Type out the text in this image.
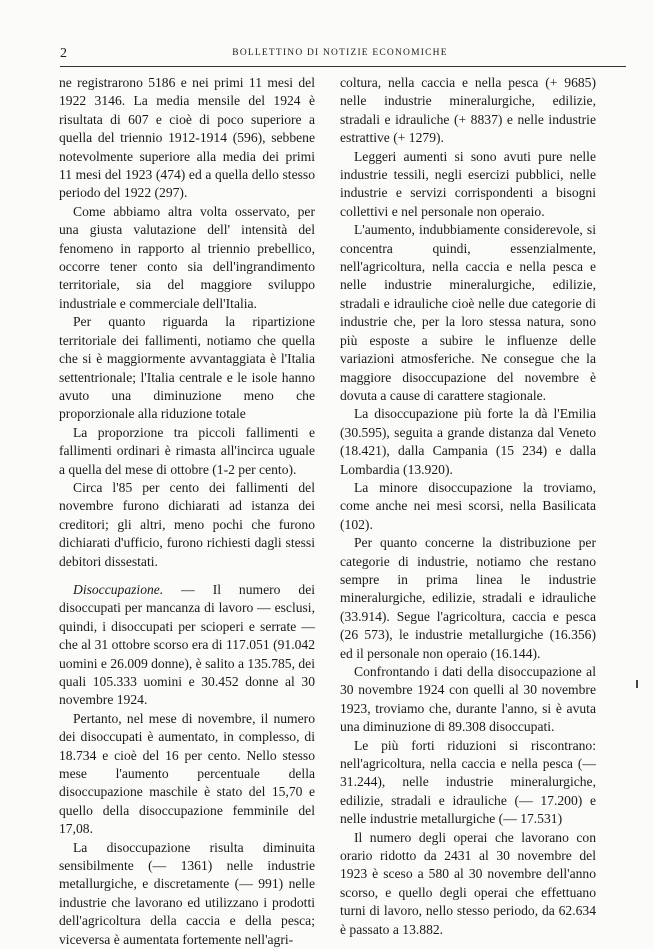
2	BOLLETTINO DI NOTIZIE ECONOMICHE

ne registrarono 5186 e nei primi 11 mesi del 1922 3146. La media mensile del 1924 è risultata di 607 e cioè di poco superiore a quella del triennio 1912-1914 (596), sebbene notevolmente superiore alla media dei primi 11 mesi del 1923 (474) ed a quella dello stesso periodo del 1922 (297).

Come abbiamo altra volta osservato, per una giusta valutazione dell' intensità del fenomeno in rapporto al triennio prebellico, occorre tener conto sia dell'ingrandimento territoriale, sia del maggiore sviluppo industriale e commerciale dell'Italia.

Per quanto riguarda la ripartizione territoriale dei fallimenti, notiamo che quella che si è maggiormente avvantaggiata è l'Italia settentrionale; l'Italia centrale e le isole hanno avuto una diminuzione meno che proporzionale alla riduzione totale

La proporzione tra piccoli fallimenti e fallimenti ordinari è rimasta all'incirca uguale a quella del mese di ottobre (1-2 per cento).

Circa l'85 per cento dei fallimenti del novembre furono dichiarati ad istanza dei creditori; gli altri, meno pochi che furono dichiarati d'ufficio, furono richiesti dagli stessi debitori dissestati.

Disoccupazione. — Il numero dei disoccupati per mancanza di lavoro — esclusi, quindi, i disoccupati per scioperi e serrate — che al 31 ottobre scorso era di 117.051 (91.042 uomini e 26.009 donne), è salito a 135.785, dei quali 105.333 uomini e 30.452 donne al 30 novembre 1924.

Pertanto, nel mese di novembre, il numero dei disoccupati è aumentato, in complesso, di 18.734 e cioè del 16 per cento. Nello stesso mese l'aumento percentuale della disoccupazione maschile è stato del 15,70 e quello della disoccupazione femminile del 17,08.

La disoccupazione risulta diminuita sensibilmente (— 1361) nelle industrie metallurgiche, e discretamente (— 991) nelle industrie che lavorano ed utilizzano i prodotti dell'agricoltura della caccia e della pesca; viceversa è aumentata fortemente nell'agri-

coltura, nella caccia e nella pesca (+ 9685) nelle industrie mineralurgiche, edilizie, stradali e idrauliche (+ 8837) e nelle industrie estrattive (+ 1279).

Leggeri aumenti si sono avuti pure nelle industrie tessili, negli esercizi pubblici, nelle industrie e servizi corrispondenti a bisogni collettivi e nel personale non operaio.

L'aumento, indubbiamente considerevole, si concentra quindi, essenzialmente, nell'agricoltura, nella caccia e nella pesca e nelle industrie mineralurgiche, edilizie, stradali e idrauliche cioè nelle due categorie di industrie che, per la loro stessa natura, sono più esposte a subire le influenze delle variazioni atmosferiche. Ne consegue che la maggiore disoccupazione del novembre è dovuta a cause di carattere stagionale.

La disoccupazione più forte la dà l'Emilia (30.595), seguita a grande distanza dal Veneto (18.421), dalla Campania (15 234) e dalla Lombardia (13.920).

La minore disoccupazione la troviamo, come anche nei mesi scorsi, nella Basilicata (102).

Per quanto concerne la distribuzione per categorie di industrie, notiamo che restano sempre in prima linea le industrie mineralurgiche, edilizie, stradali e idrauliche (33.914). Segue l'agricoltura, caccia e pesca (26 573), le industrie metallurgiche (16.356) ed il personale non operaio (16.144).

Confrontando i dati della disoccupazione al 30 novembre 1924 con quelli al 30 novembre 1923, troviamo che, durante l'anno, si è avuta una diminuzione di 89.308 disoccupati.

Le più forti riduzioni si riscontrano: nell'agricoltura, nella caccia e nella pesca (— 31.244), nelle industrie mineralurgiche, edilizie, stradali e idrauliche (— 17.200) e nelle industrie metallurgiche (— 17.531)

Il numero degli operai che lavorano con orario ridotto da 2431 al 30 novembre del 1923 è sceso a 580 al 30 novembre dell'anno scorso, e quello degli operai che effettuano turni di lavoro, nello stesso periodo, da 62.634 è passato a 13.882.
